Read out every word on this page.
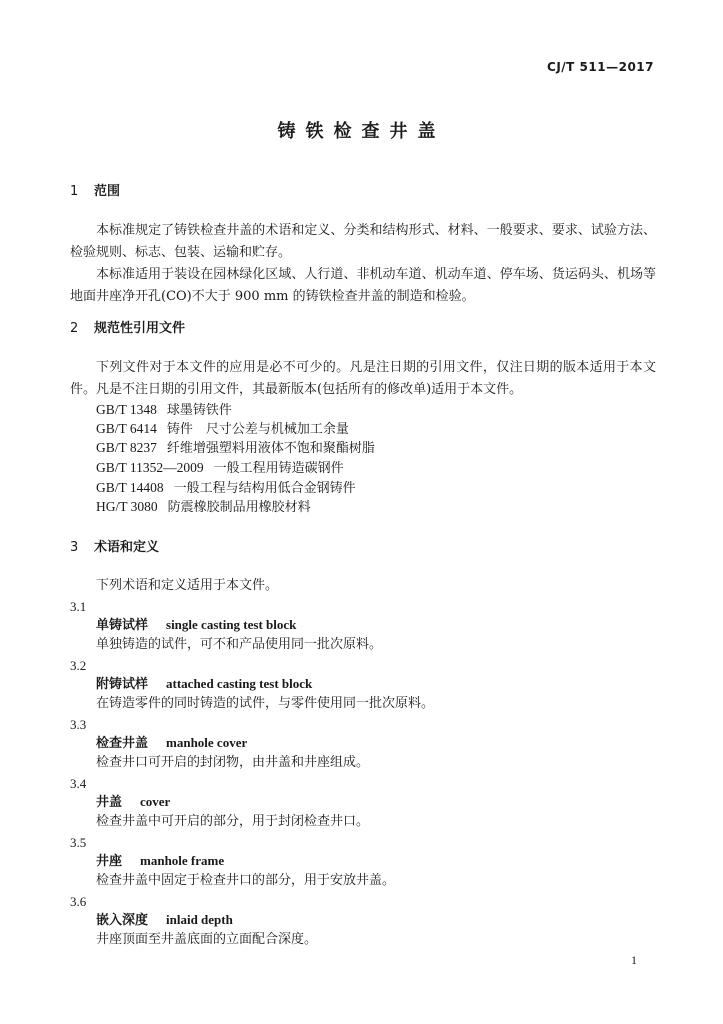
CJ/T 511—2017
铸铁检查井盖
1 范围
本标准规定了铸铁检查井盖的术语和定义、分类和结构形式、材料、一般要求、要求、试验方法、检验规则、标志、包装、运输和贮存。
本标准适用于装设在园林绿化区域、人行道、非机动车道、机动车道、停车场、货运码头、机场等地面井座净开孔(CO)不大于 900 mm 的铸铁检查井盖的制造和检验。
2 规范性引用文件
下列文件对于本文件的应用是必不可少的。凡是注日期的引用文件，仅注日期的版本适用于本文件。凡是不注日期的引用文件，其最新版本(包括所有的修改单)适用于本文件。
GB/T 1348 球墨铸铁件
GB/T 6414 铸件　尺寸公差与机械加工余量
GB/T 8237 纤维增强塑料用液体不饱和聚酯树脂
GB/T 11352—2009 一般工程用铸造碳钢件
GB/T 14408 一般工程与结构用低合金钢铸件
HG/T 3080 防震橡胶制品用橡胶材料
3 术语和定义
下列术语和定义适用于本文件。
3.1
单铸试样 single casting test block
单独铸造的试件，可不和产品使用同一批次原料。
3.2
附铸试样 attached casting test block
在铸造零件的同时铸造的试件，与零件使用同一批次原料。
3.3
检查井盖 manhole cover
检查井口可开启的封闭物，由井盖和井座组成。
3.4
井盖 cover
检查井盖中可开启的部分，用于封闭检查井口。
3.5
井座 manhole frame
检查井盖中固定于检查井口的部分，用于安放井盖。
3.6
嵌入深度 inlaid depth
井座顶面至井盖底面的立面配合深度。
1
